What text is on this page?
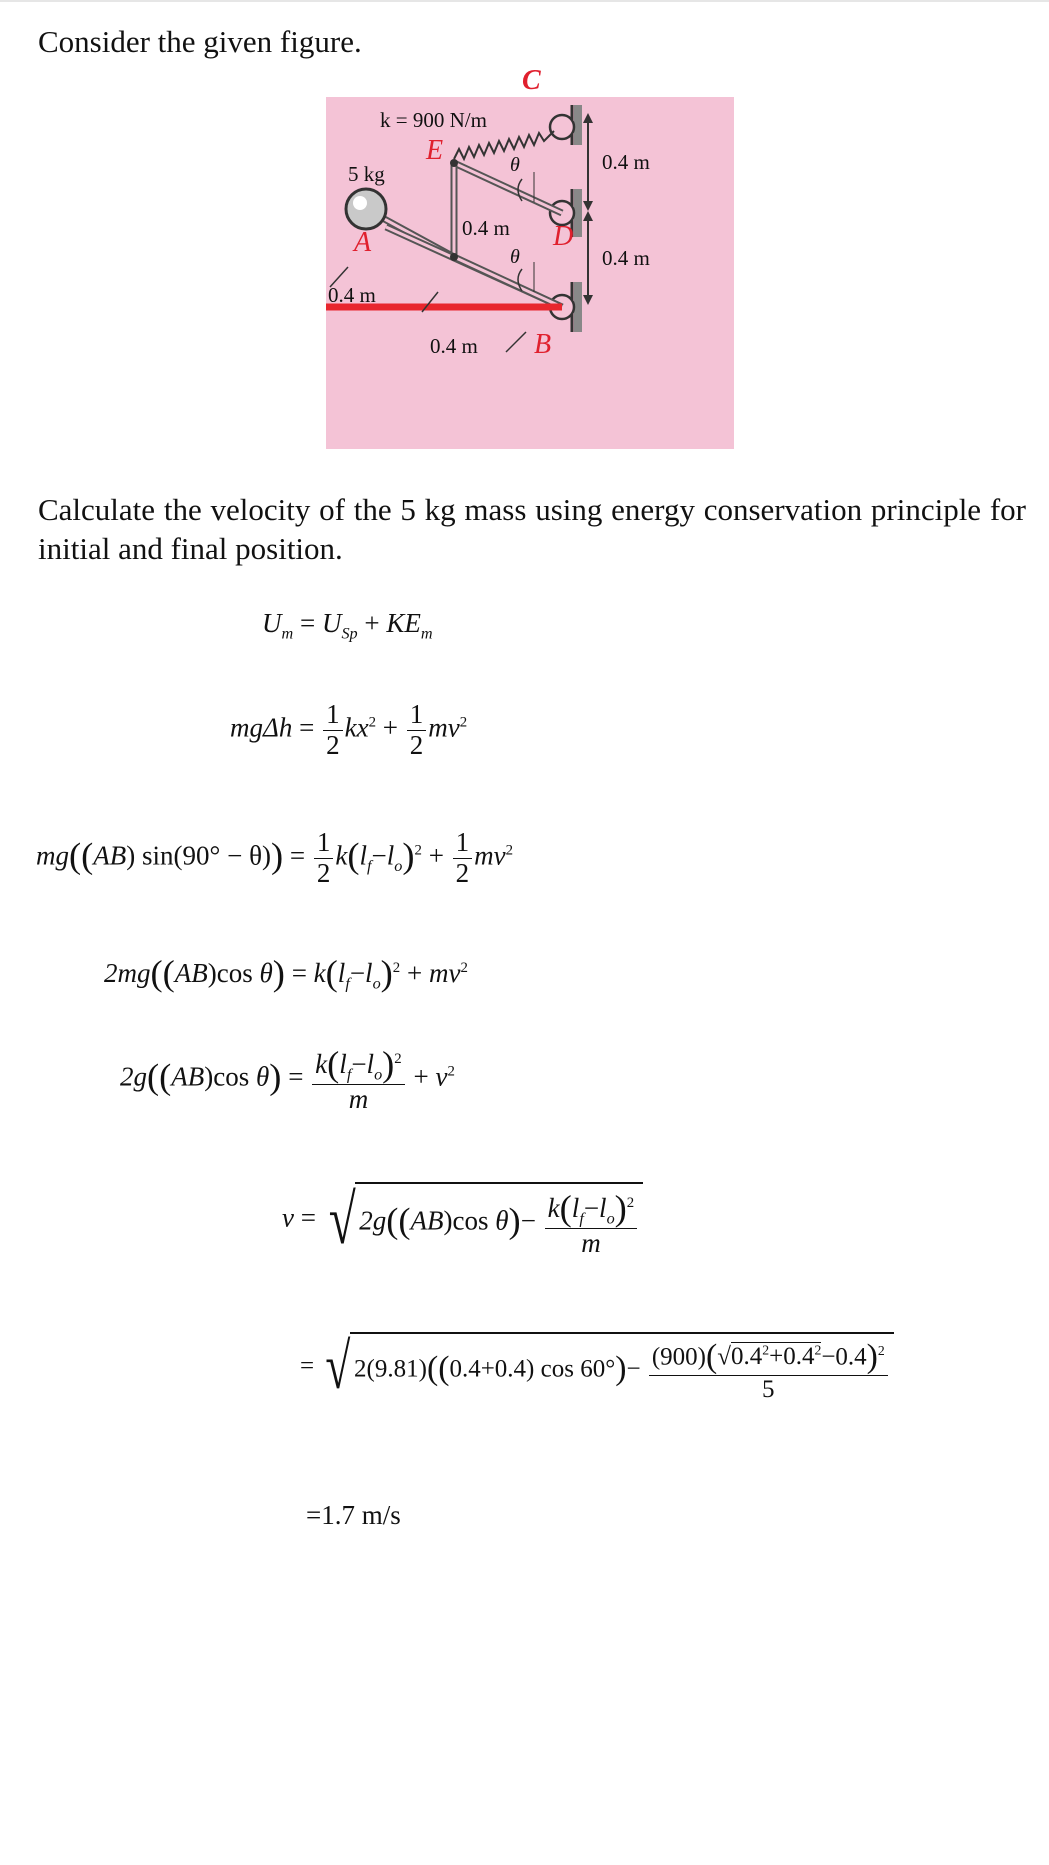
Consider the given figure.
C
k = 900 N/m
E
5 kg	θ	0.4 m
0.4 m D
A	θ	0.4 m
0.4 m
0.4 m B
Calculate the velocity of the 5 kg mass using energy conservation principle for initial and final position.
$U_m = U_{Sp} + KE_m$
$mg\Delta h = \frac{1}{2} kx^2 + \frac{1}{2} mv^2$
mg((AB) $\sin(90^\circ - \theta)) = \frac{1}{2} k(l_f-l_o)^2 + \frac{1}{2} mv^2$
2mg((AB)cos $\theta) = k(l_f-l_o)^2 + mv^2$
2g((AB)cos $\theta) = \frac{k(l_f-l_o)^2}{m} + v^2$
v = √ 2g((AB)cos $\theta)- \frac{k(l_f-l_o)^2}{m}$
= √ 2(9.81)((0.4+0.4) $\cos 60^\circ)- \frac{(900)(√0.4^2+0.4^2-0.4)^2}{5}$
=1.7 m/s
